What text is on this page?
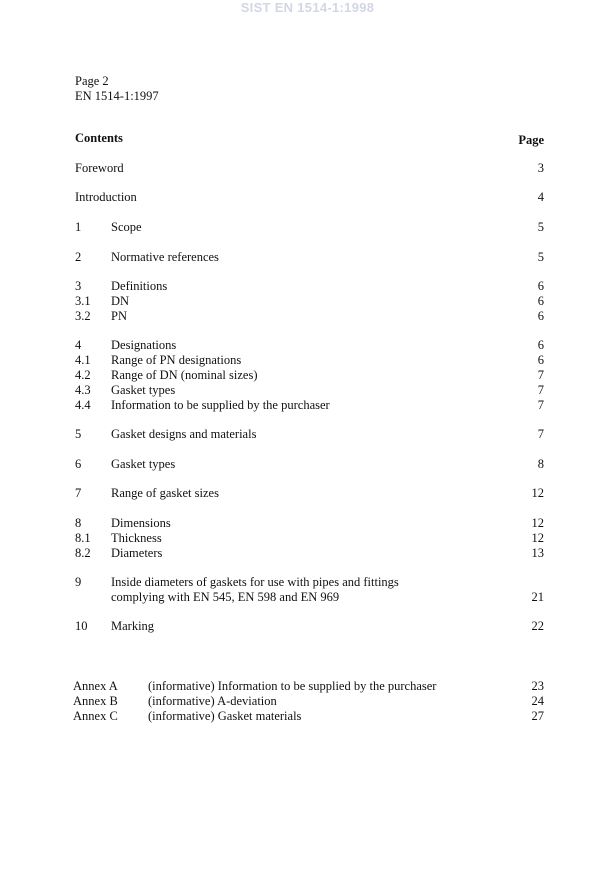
SIST EN 1514-1:1998
Page 2
EN 1514-1:1997
Contents	Page
Foreword	3
Introduction	4
1 Scope	5
2 Normative references	5
3 Definitions	6
3.1 DN	6
3.2 PN	6
4 Designations	6
4.1 Range of PN designations	6
4.2 Range of DN (nominal sizes)	7
4.3 Gasket types	7
4.4 Information to be supplied by the purchaser	7
5 Gasket designs and materials	7
6 Gasket types	8
7 Range of gasket sizes	12
8 Dimensions	12
8.1 Thickness	12
8.2 Diameters	13
9 Inside diameters of gaskets for use with pipes and fittings
complying with EN 545, EN 598 and EN 969	21
10 Marking	22
Annex A (informative) Information to be supplied by the purchaser	23
Annex B (informative) A-deviation	24
Annex C (informative) Gasket materials	27
